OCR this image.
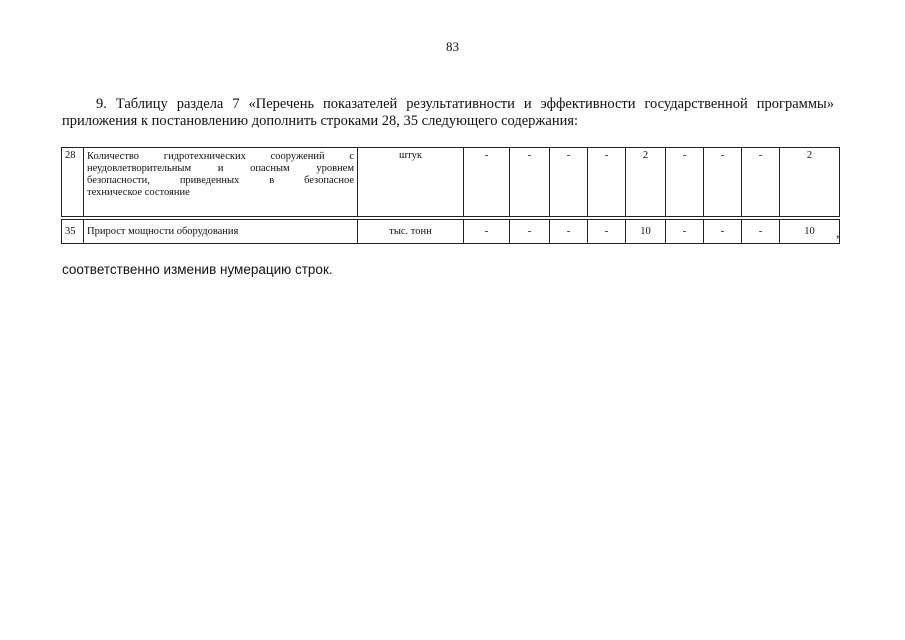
83
9. Таблицу раздела 7 «Перечень показателей результативности и эффективности государственной программы»
приложения к постановлению дополнить строками 28, 35 следующего содержания:
28	Количество гидротехнических сооружений с
неудовлетворительным и опасным уровнем
безопасности, приведенных в безопасное
техническое состояние	штук	-	-	-	-	2	-	-	-	2

35	Прирост мощности оборудования	тыс. тонн	-	-	-	-	10	-	-	-	10 ,
соответственно изменив нумерацию строк.
